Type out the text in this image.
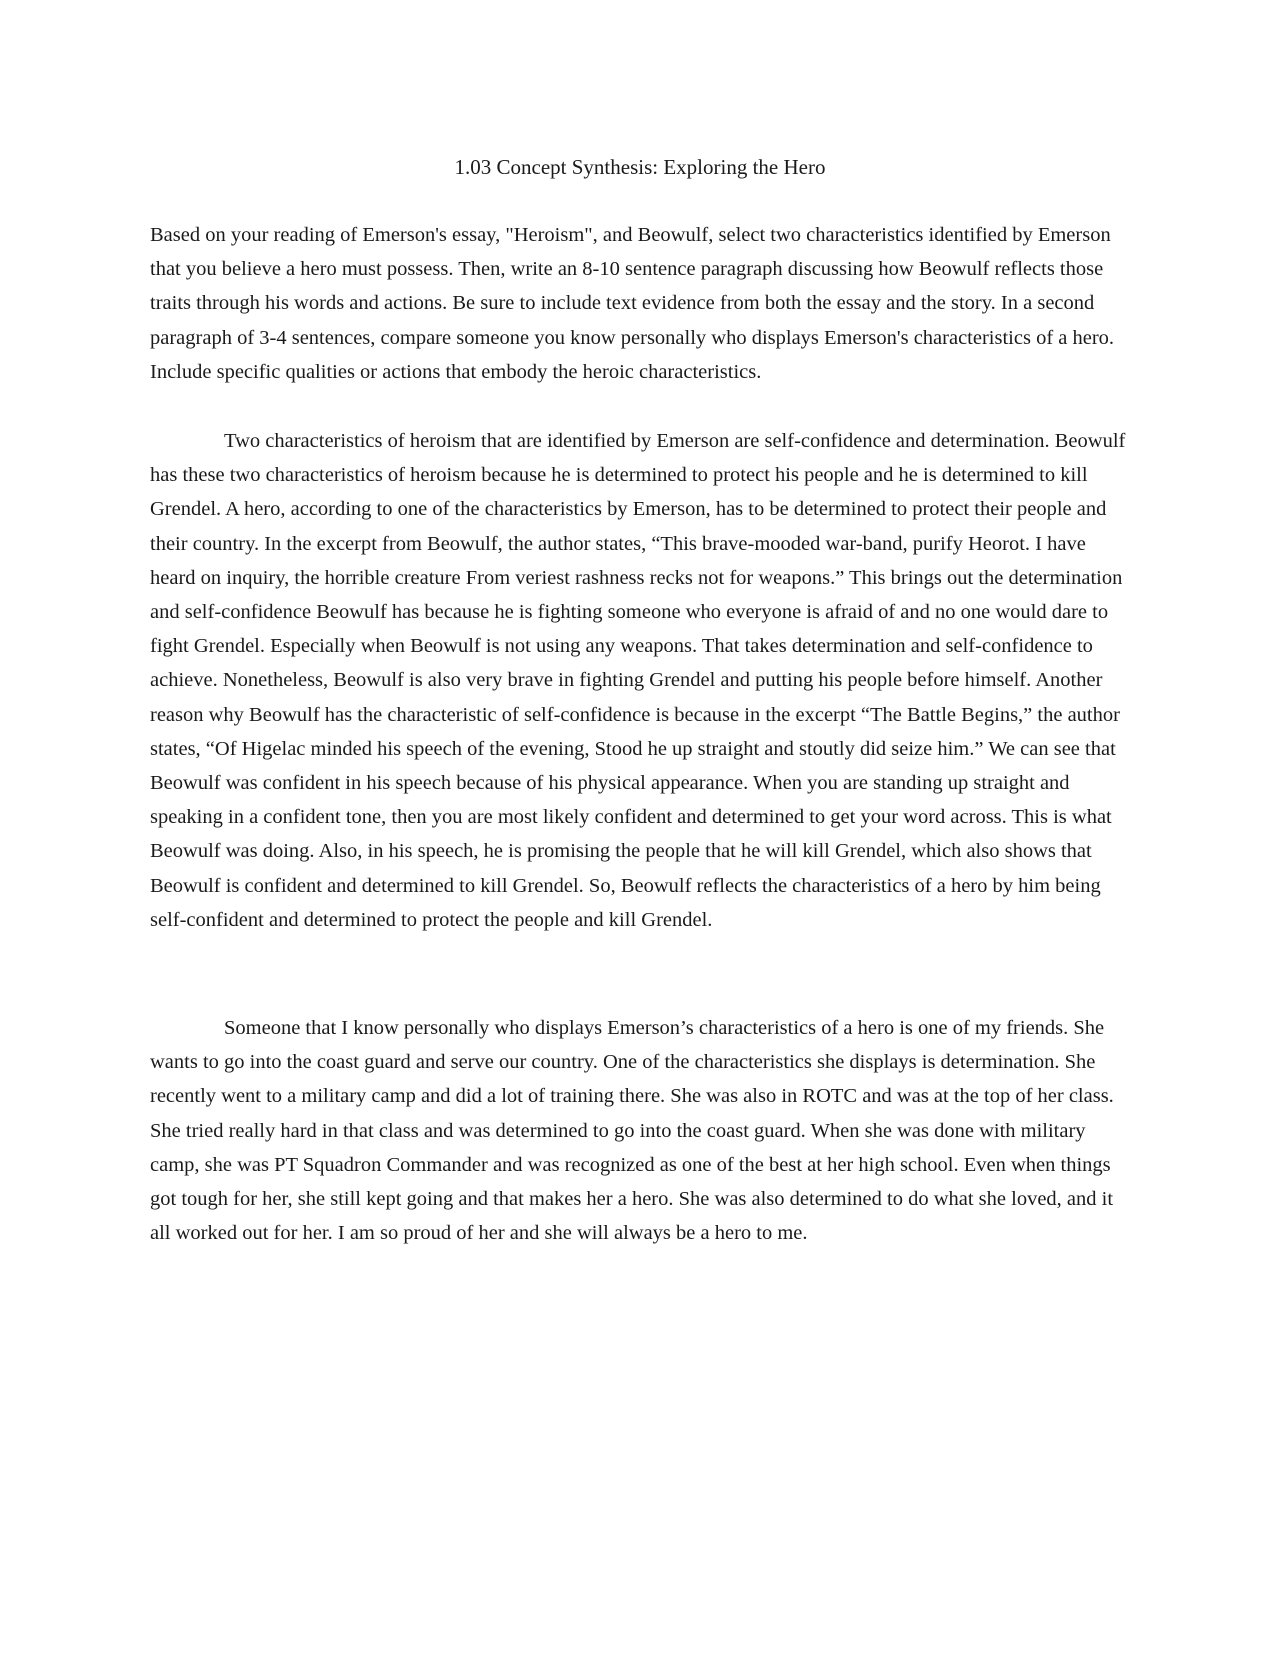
1.03 Concept Synthesis: Exploring the Hero

Based on your reading of Emerson's essay, "Heroism", and Beowulf, select two characteristics identified by Emerson that you believe a hero must possess. Then, write an 8-10 sentence paragraph discussing how Beowulf reflects those traits through his words and actions. Be sure to include text evidence from both the essay and the story. In a second paragraph of 3-4 sentences, compare someone you know personally who displays Emerson's characteristics of a hero. Include specific qualities or actions that embody the heroic characteristics.

Two characteristics of heroism that are identified by Emerson are self-confidence and determination. Beowulf has these two characteristics of heroism because he is determined to protect his people and he is determined to kill Grendel. A hero, according to one of the characteristics by Emerson, has to be determined to protect their people and their country. In the excerpt from Beowulf, the author states, “This brave-mooded war-band, purify Heorot. I have heard on inquiry, the horrible creature From veriest rashness recks not for weapons.” This brings out the determination and self-confidence Beowulf has because he is fighting someone who everyone is afraid of and no one would dare to fight Grendel. Especially when Beowulf is not using any weapons. That takes determination and self-confidence to achieve. Nonetheless, Beowulf is also very brave in fighting Grendel and putting his people before himself. Another reason why Beowulf has the characteristic of self-confidence is because in the excerpt “The Battle Begins,” the author states, “Of Higelac minded his speech of the evening, Stood he up straight and stoutly did seize him.” We can see that Beowulf was confident in his speech because of his physical appearance. When you are standing up straight and speaking in a confident tone, then you are most likely confident and determined to get your word across. This is what Beowulf was doing. Also, in his speech, he is promising the people that he will kill Grendel, which also shows that Beowulf is confident and determined to kill Grendel. So, Beowulf reflects the characteristics of a hero by him being self-confident and determined to protect the people and kill Grendel.

Someone that I know personally who displays Emerson’s characteristics of a hero is one of my friends. She wants to go into the coast guard and serve our country. One of the characteristics she displays is determination. She recently went to a military camp and did a lot of training there. She was also in ROTC and was at the top of her class. She tried really hard in that class and was determined to go into the coast guard. When she was done with military camp, she was PT Squadron Commander and was recognized as one of the best at her high school. Even when things got tough for her, she still kept going and that makes her a hero. She was also determined to do what she loved, and it all worked out for her. I am so proud of her and she will always be a hero to me.
